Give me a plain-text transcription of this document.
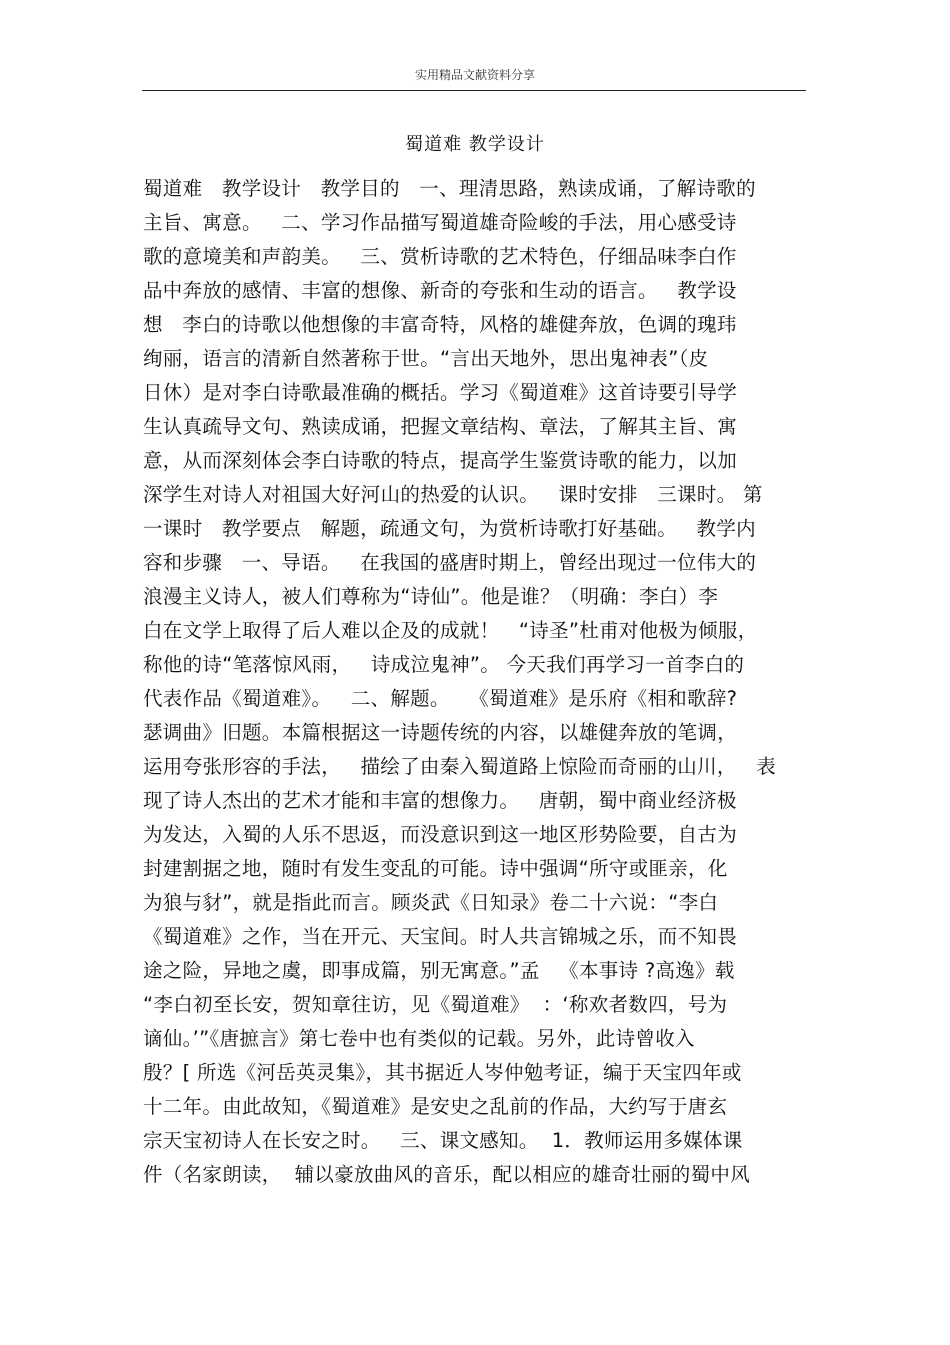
实用精品文献资料分享
蜀道难 教学设计
蜀道难   教学设计   教学目的   一、理清思路，熟读成诵，了解诗歌的
主旨、寓意。   二、学习作品描写蜀道雄奇险峻的手法，用心感受诗
歌的意境美和声韵美。   三、赏析诗歌的艺术特色，仔细品味李白作
品中奔放的感情、丰富的想像、新奇的夸张和生动的语言。   教学设
想   李白的诗歌以他想像的丰富奇特，风格的雄健奔放，色调的瑰玮
绚丽，语言的清新自然著称于世。“言出天地外，思出鬼神表”（皮
日休）是对李白诗歌最准确的概括。学习《蜀道难》这首诗要引导学
生认真疏导文句、熟读成诵，把握文章结构、章法，了解其主旨、寓
意，从而深刻体会李白诗歌的特点，提高学生鉴赏诗歌的能力，以加
深学生对诗人对祖国大好河山的热爱的认识。   课时安排   三课时。 第
一课时   教学要点   解题，疏通文句，为赏析诗歌打好基础。   教学内
容和步骤   一、导语。   在我国的盛唐时期上，曾经出现过一位伟大的
浪漫主义诗人，被人们尊称为“诗仙”。他是谁？（明确：李白）李
白在文学上取得了后人难以企及的成就！   “诗圣”杜甫对他极为倾服，
称他的诗“笔落惊风雨，   诗成泣鬼神”。 今天我们再学习一首李白的
代表作品《蜀道难》。   二、解题。   《蜀道难》是乐府《相和歌辞?
瑟调曲》旧题。本篇根据这一诗题传统的内容，以雄健奔放的笔调，
运用夸张形容的手法，   描绘了由秦入蜀道路上惊险而奇丽的山川，   表
现了诗人杰出的艺术才能和丰富的想像力。   唐朝，蜀中商业经济极
为发达，入蜀的人乐不思返，而没意识到这一地区形势险要，自古为
封建割据之地，随时有发生变乱的可能。诗中强调“所守或匪亲，化
为狼与豺”，就是指此而言。顾炎武《日知录》卷二十六说：“李白
《蜀道难》之作，当在开元、天宝间。时人共言锦城之乐，而不知畏
途之险，异地之虞，即事成篇，别无寓意。”孟   《本事诗 ?高逸》载
“李白初至长安，贺知章往访，见《蜀道难》  ：‘称欢者数四，号为
谪仙。’”《唐摭言》第七卷中也有类似的记载。另外，此诗曾收入
殷？[ 所选《河岳英灵集》，其书据近人岑仲勉考证，编于天宝四年或
十二年。由此故知，《蜀道难》是安史之乱前的作品，大约写于唐玄
宗天宝初诗人在长安之时。   三、课文感知。  1．教师运用多媒体课
件（名家朗读，  辅以豪放曲风的音乐，配以相应的雄奇壮丽的蜀中风
